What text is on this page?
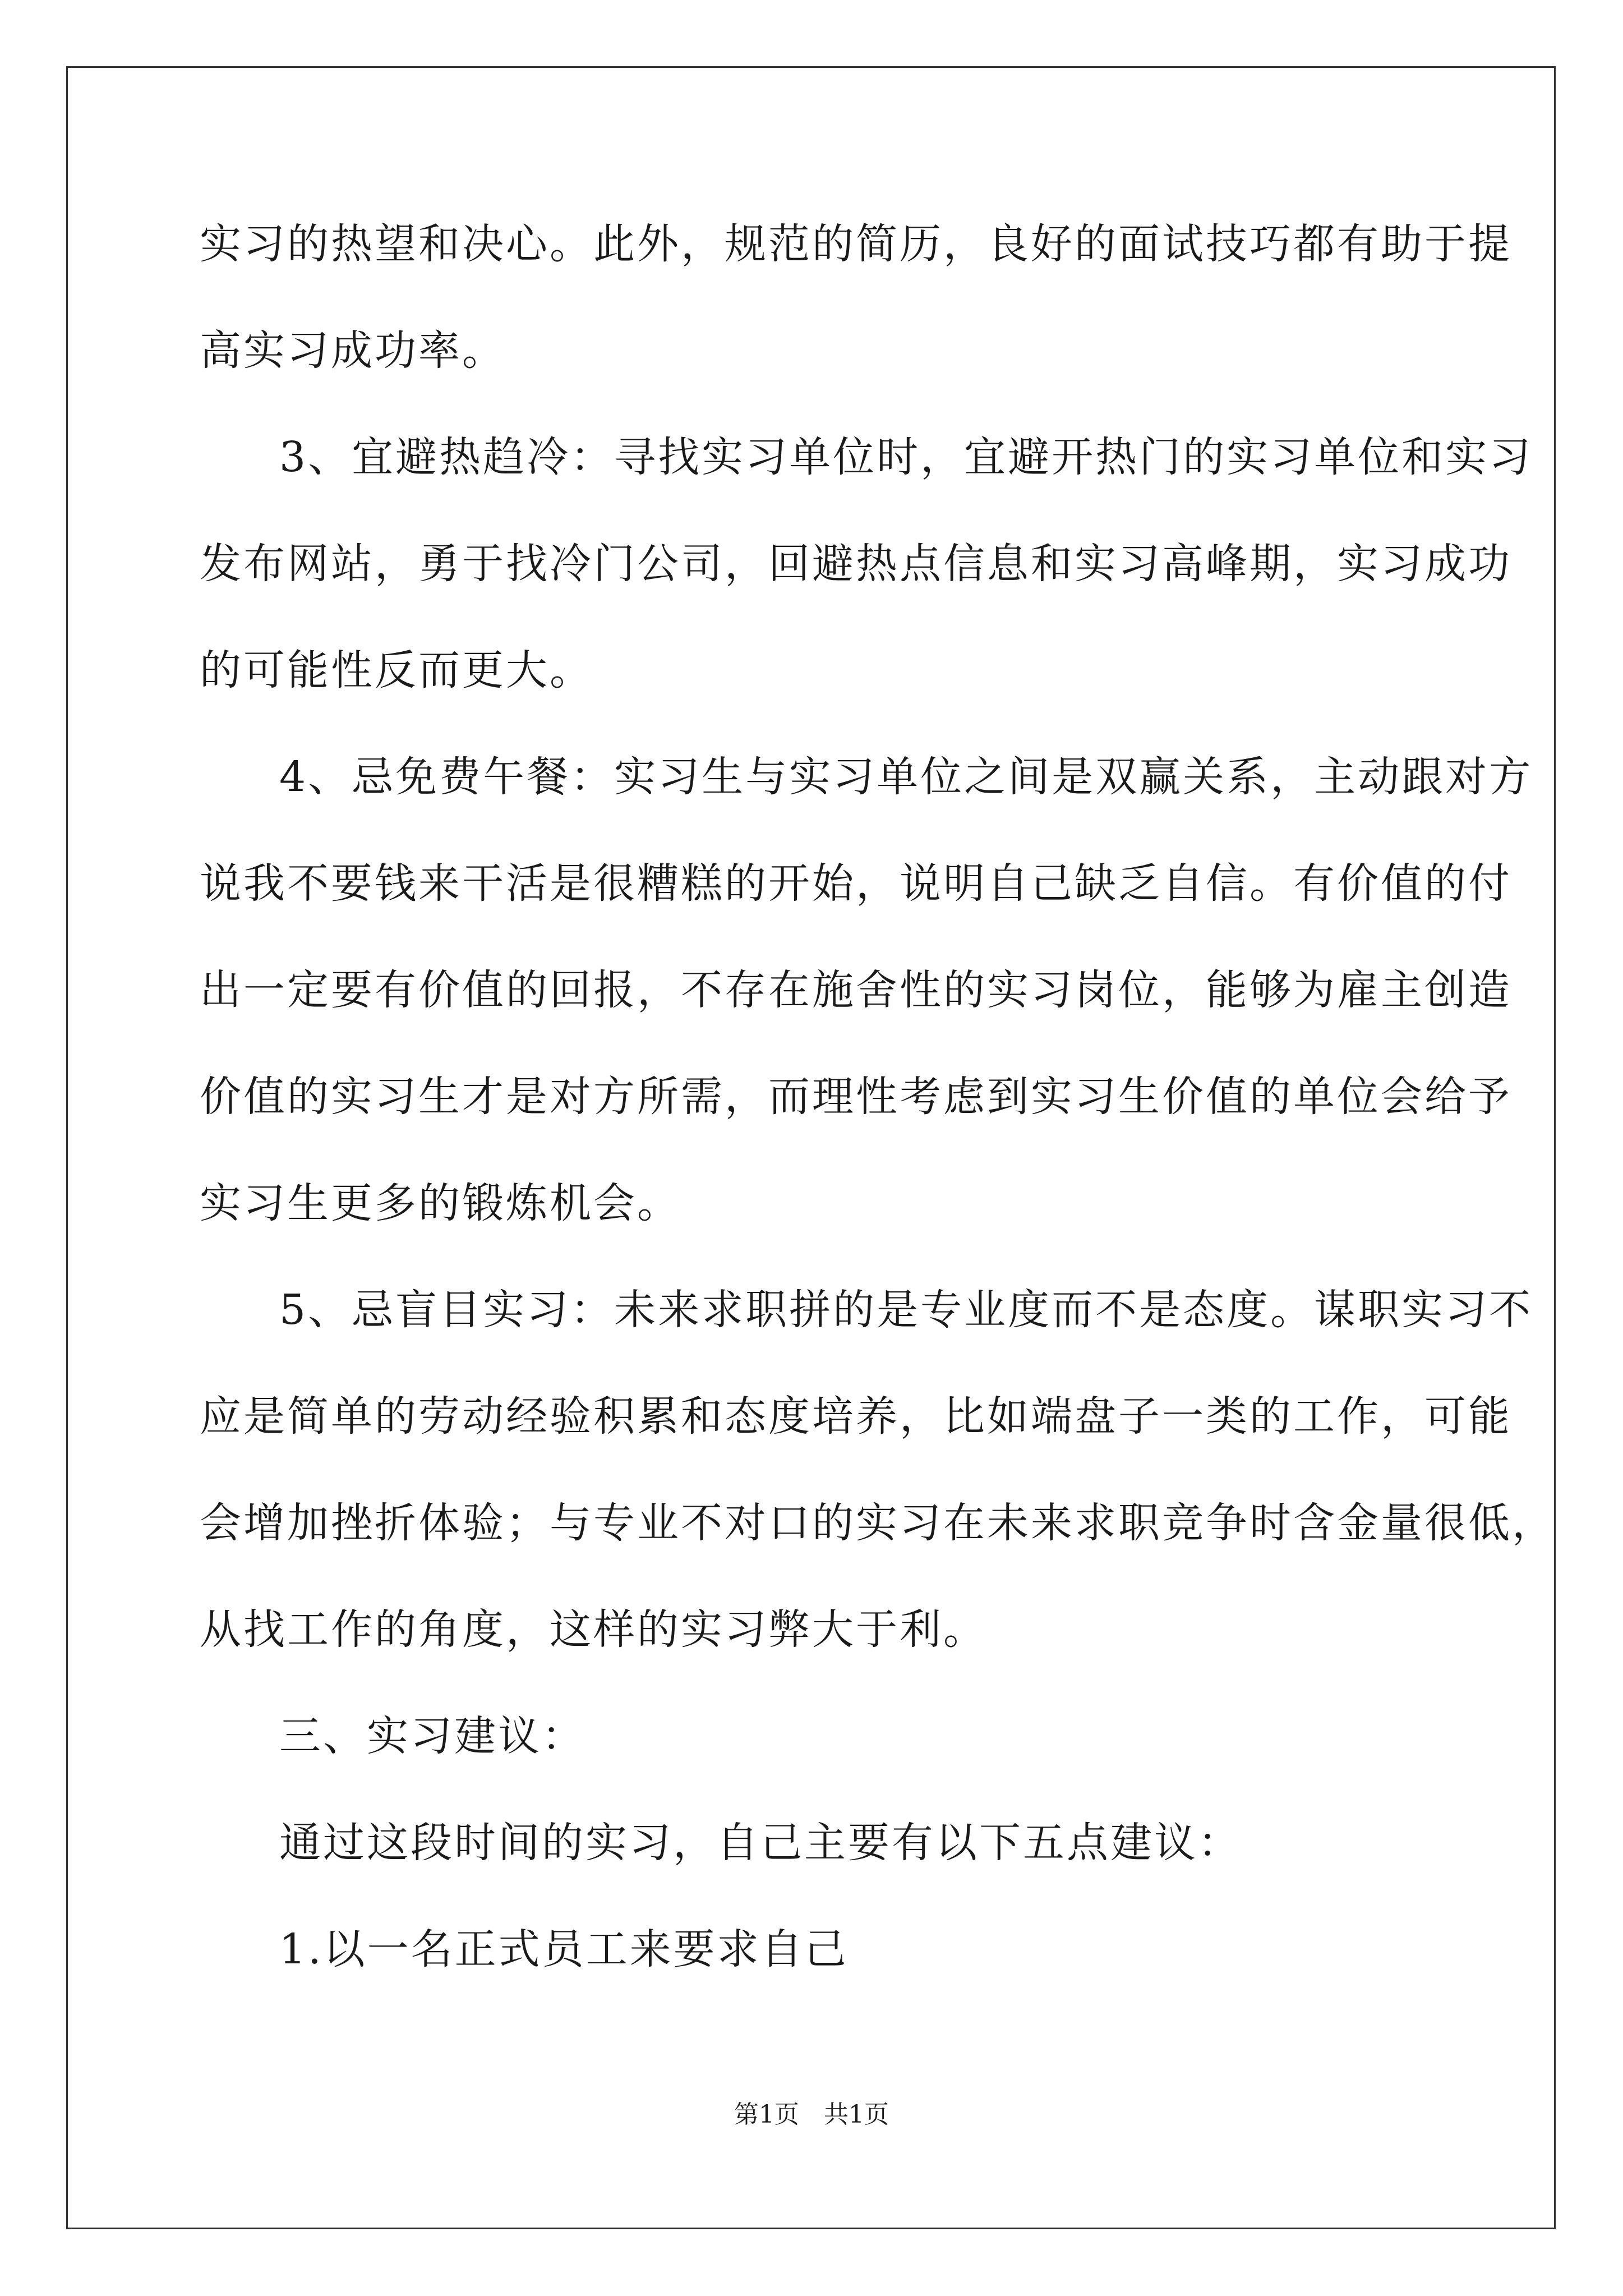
实习的热望和决心。此外，规范的简历，良好的面试技巧都有助于提
高实习成功率。
3、宜避热趋冷：寻找实习单位时，宜避开热门的实习单位和实习
发布网站，勇于找冷门公司，回避热点信息和实习高峰期，实习成功
的可能性反而更大。
4、忌免费午餐：实习生与实习单位之间是双赢关系，主动跟对方
说我不要钱来干活是很糟糕的开始，说明自己缺乏自信。有价值的付
出一定要有价值的回报，不存在施舍性的实习岗位，能够为雇主创造
价值的实习生才是对方所需，而理性考虑到实习生价值的单位会给予
实习生更多的锻炼机会。
5、忌盲目实习：未来求职拼的是专业度而不是态度。谋职实习不
应是简单的劳动经验积累和态度培养，比如端盘子一类的工作，可能
会增加挫折体验；与专业不对口的实习在未来求职竞争时含金量很低，
从找工作的角度，这样的实习弊大于利。
三、实习建议：
通过这段时间的实习，自己主要有以下五点建议：
1.以一名正式员工来要求自己
第1页　共1页
